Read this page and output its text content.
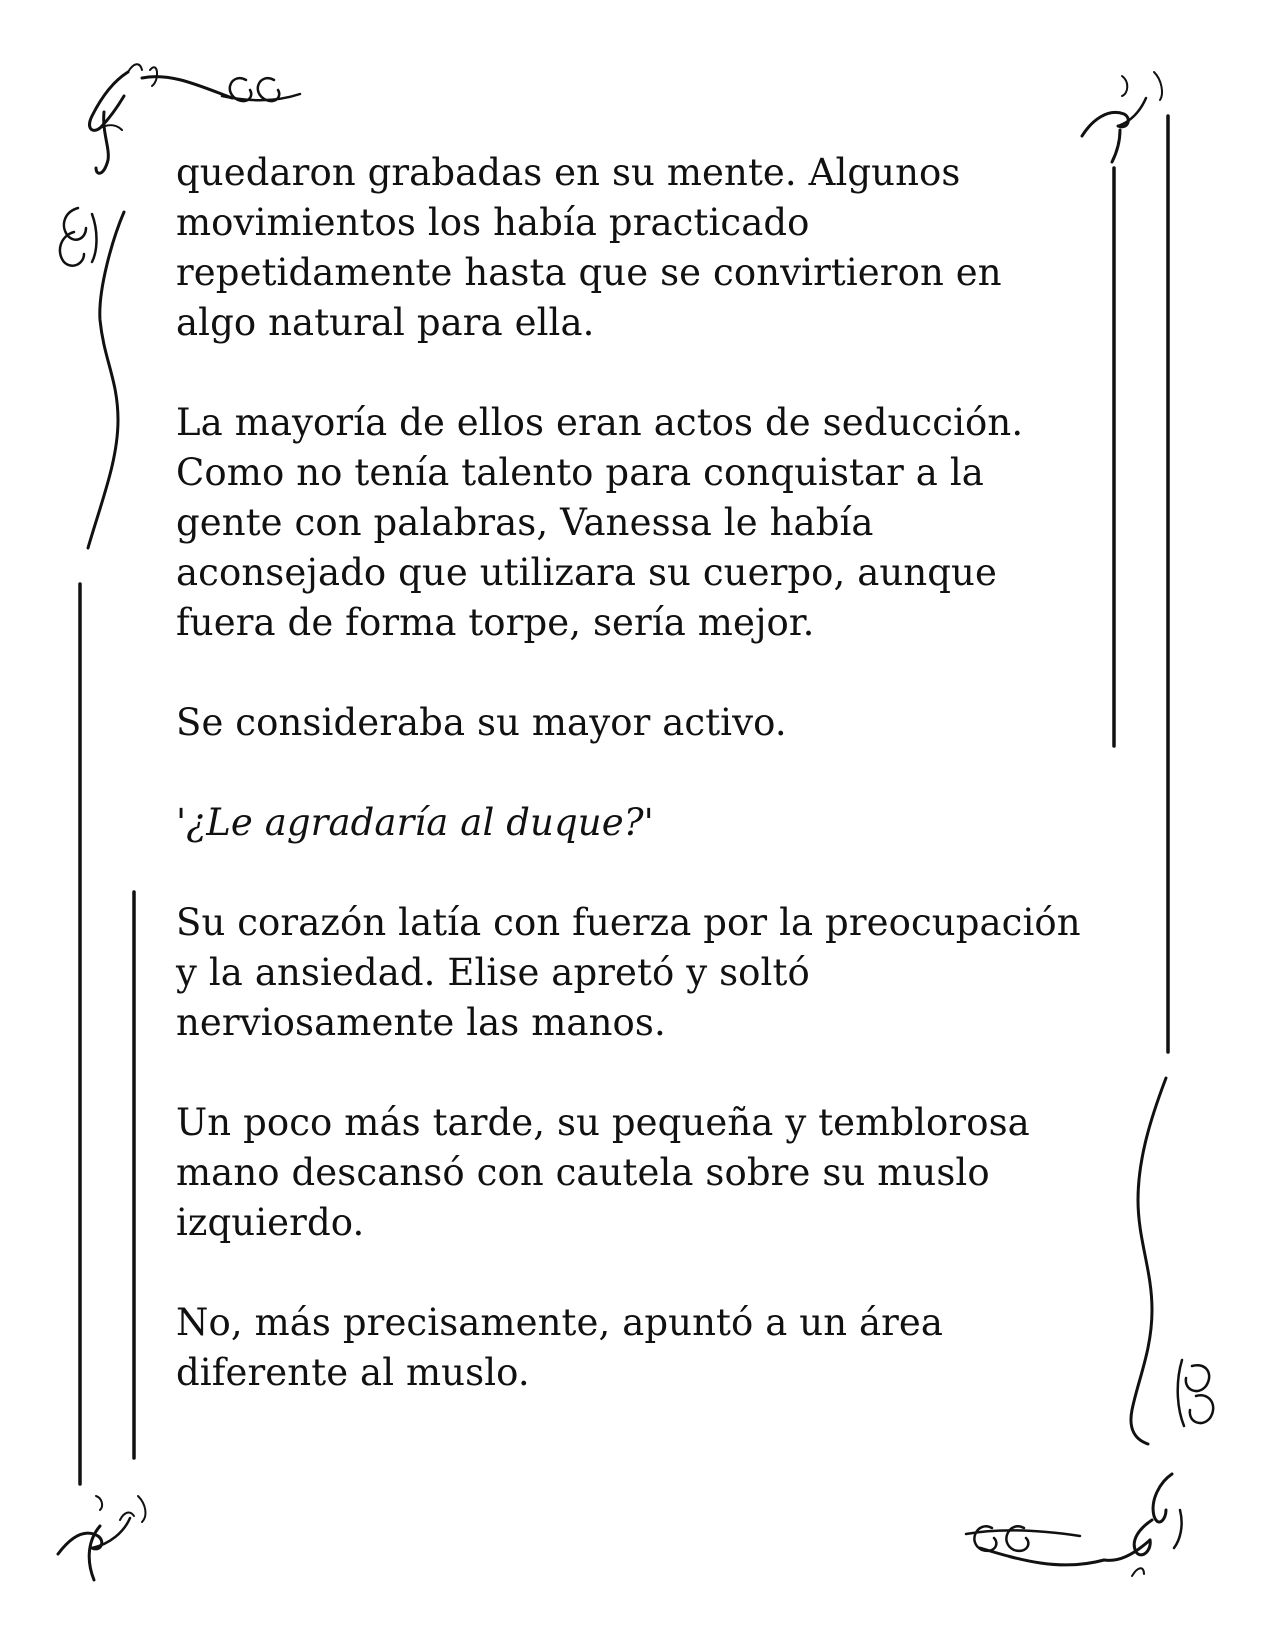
quedaron grabadas en su mente. Algunos
movimientos los había practicado
repetidamente hasta que se convirtieron en
algo natural para ella.

La mayoría de ellos eran actos de seducción.
Como no tenía talento para conquistar a la
gente con palabras, Vanessa le había
aconsejado que utilizara su cuerpo, aunque
fuera de forma torpe, sería mejor.

Se consideraba su mayor activo.

'¿Le agradaría al duque?'

Su corazón latía con fuerza por la preocupación
y la ansiedad. Elise apretó y soltó
nerviosamente las manos.

Un poco más tarde, su pequeña y temblorosa
mano descansó con cautela sobre su muslo
izquierdo.

No, más precisamente, apuntó a un área
diferente al muslo.
